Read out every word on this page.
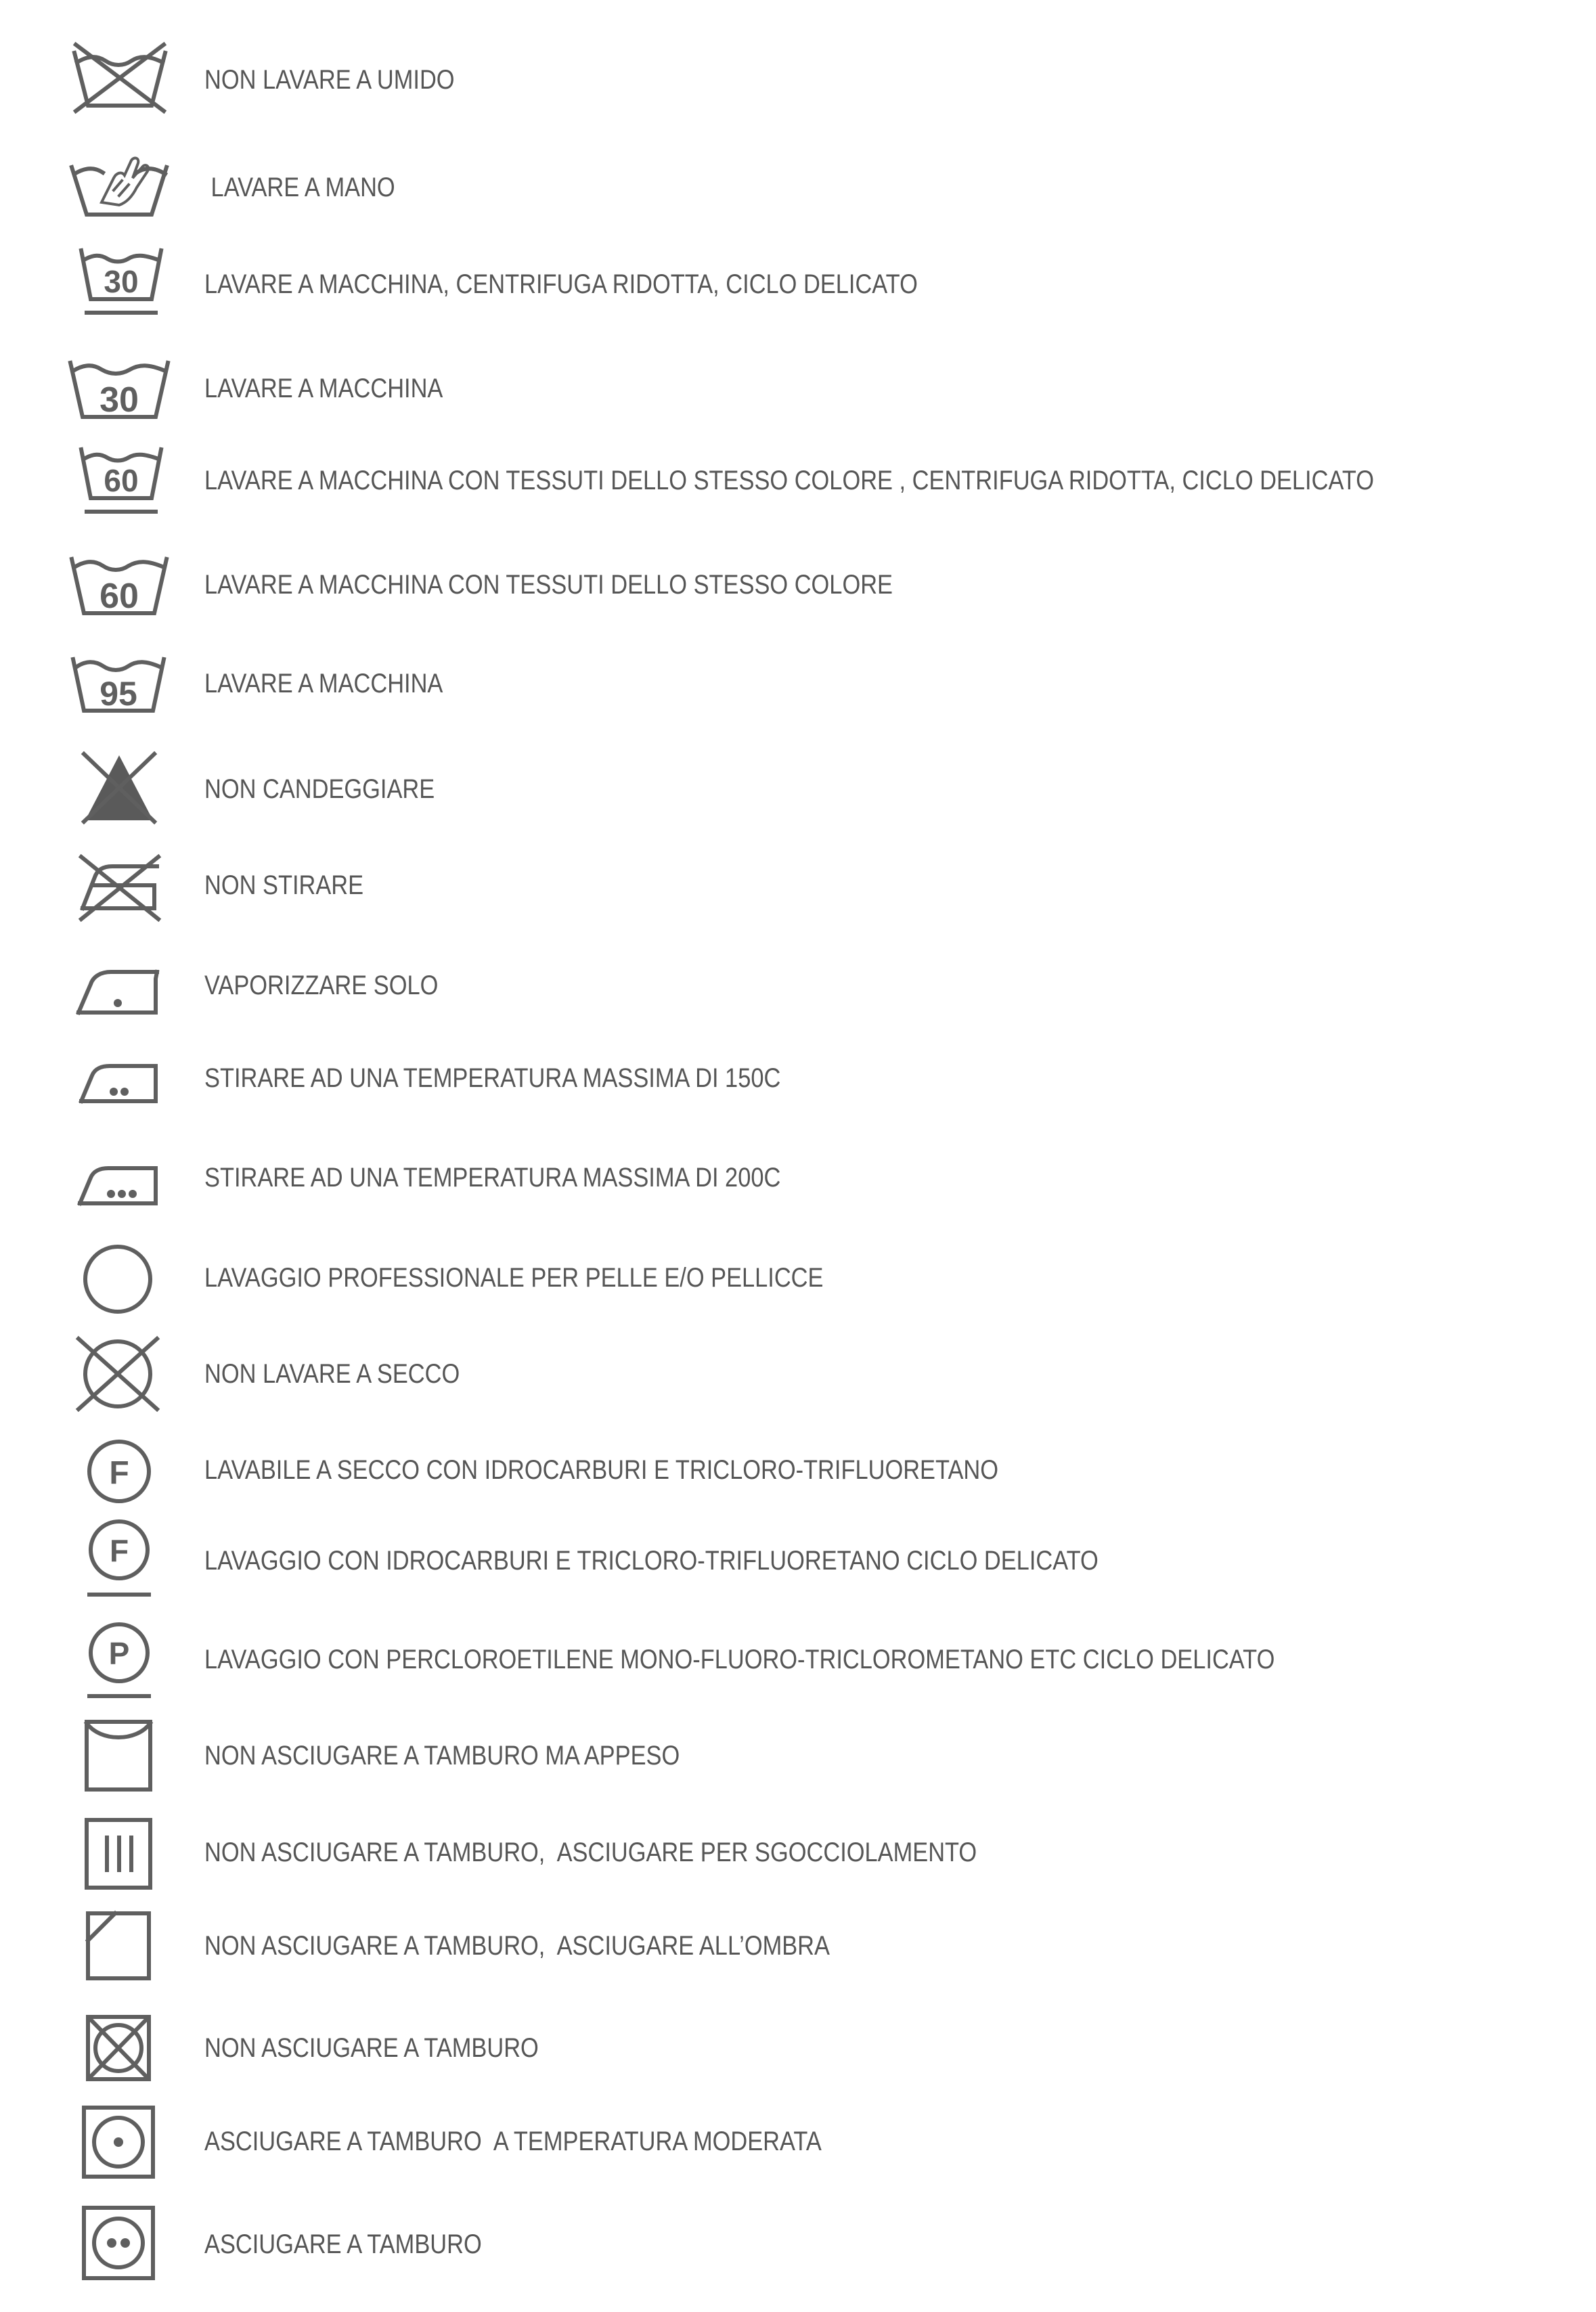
NON LAVARE A UMIDO
LAVARE A MANO
30 LAVARE A MACCHINA, CENTRIFUGA RIDOTTA, CICLO DELICATO
30 LAVARE A MACCHINA
60 LAVARE A MACCHINA CON TESSUTI DELLO STESSO COLORE , CENTRIFUGA RIDOTTA, CICLO DELICATO
60 LAVARE A MACCHINA CON TESSUTI DELLO STESSO COLORE
95 LAVARE A MACCHINA
NON CANDEGGIARE
NON STIRARE
VAPORIZZARE SOLO
STIRARE AD UNA TEMPERATURA MASSIMA DI 150C
STIRARE AD UNA TEMPERATURA MASSIMA DI 200C
LAVAGGIO PROFESSIONALE PER PELLE E/O PELLICCE
NON LAVARE A SECCO
F	LAVABILE A SECCO CON IDROCARBURI E TRICLORO-TRIFLUORETANO
F	LAVAGGIO CON IDROCARBURI E TRICLORO-TRIFLUORETANO CICLO DELICATO
P	LAVAGGIO CON PERCLOROETILENE MONO-FLUORO-TRICLOROMETANO ETC CICLO DELICATO
NON ASCIUGARE A TAMBURO MA APPESO
NON ASCIUGARE A TAMBURO,  ASCIUGARE PER SGOCCIOLAMENTO
NON ASCIUGARE A TAMBURO,  ASCIUGARE ALL’OMBRA
NON ASCIUGARE A TAMBURO
ASCIUGARE A TAMBURO  A TEMPERATURA MODERATA
ASCIUGARE A TAMBURO
